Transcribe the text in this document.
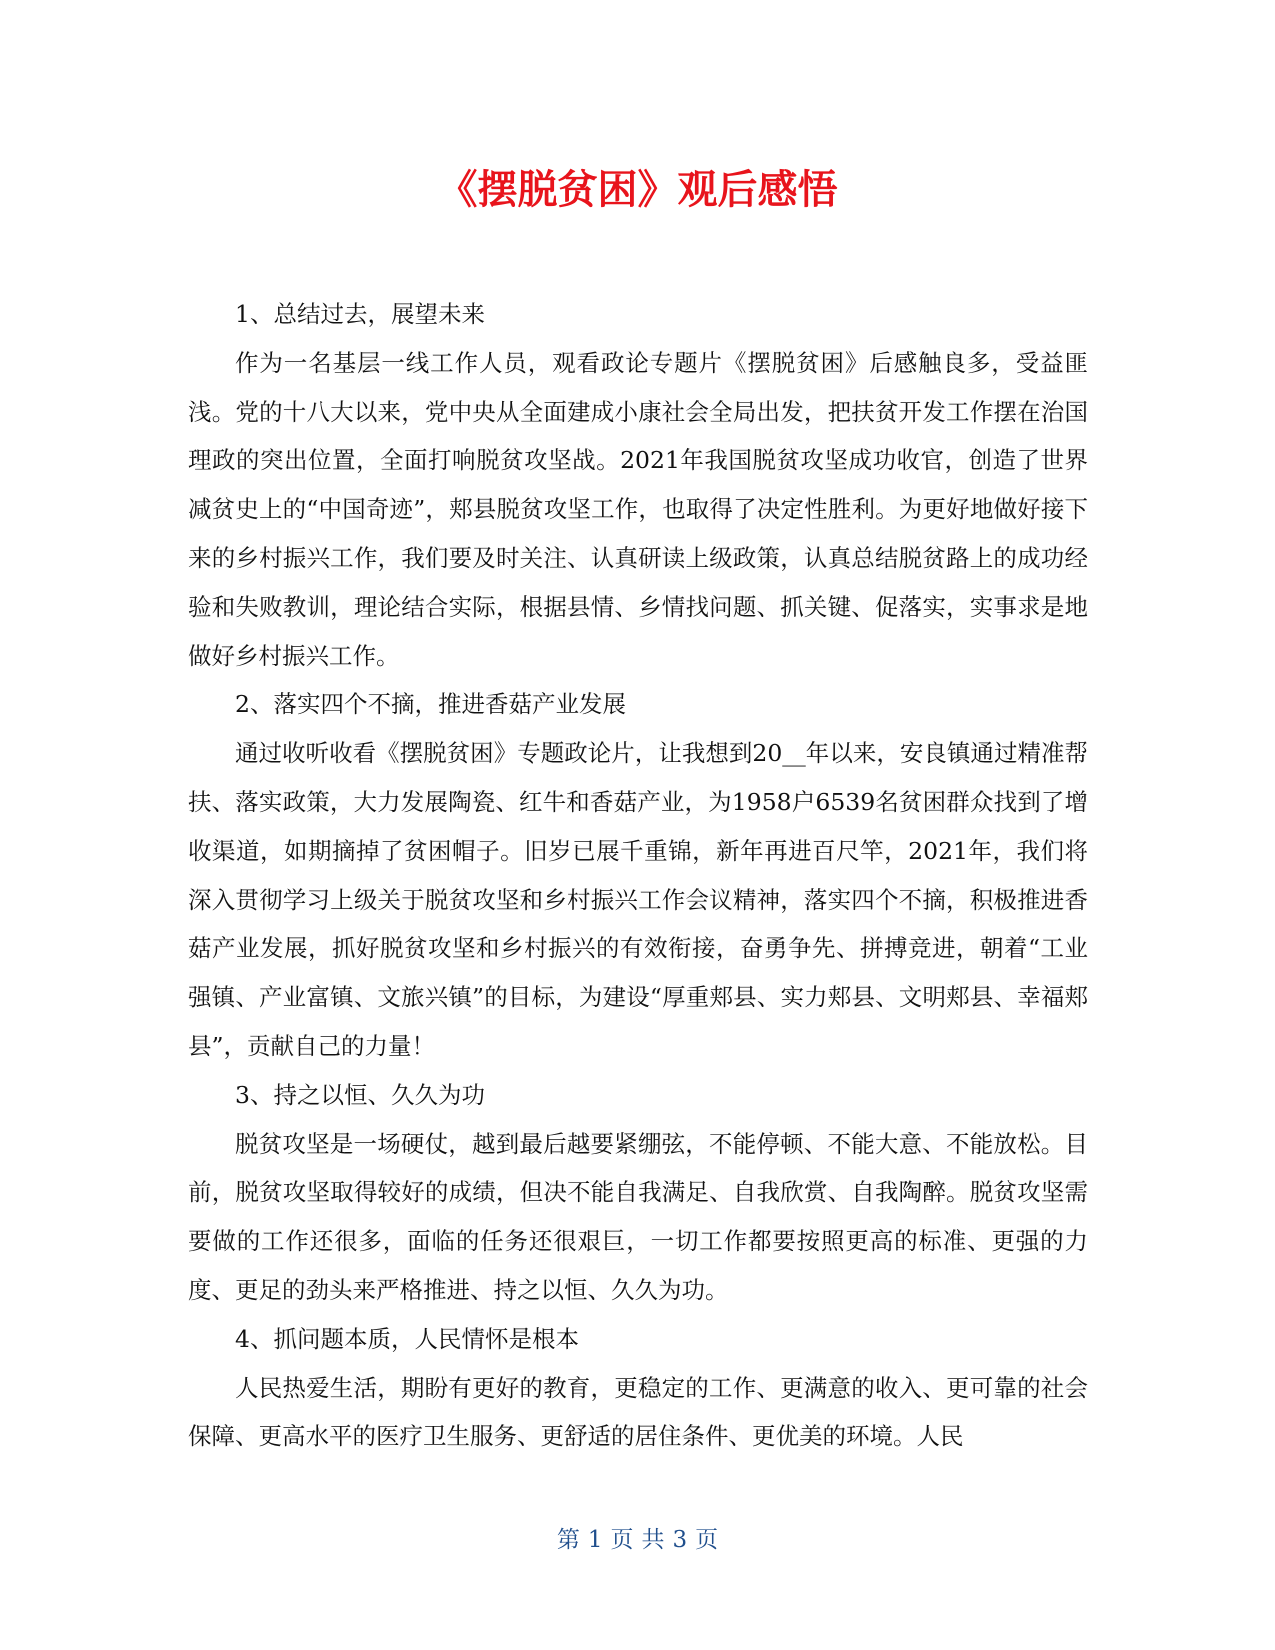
《摆脱贫困》观后感悟

1、总结过去，展望未来

作为一名基层一线工作人员，观看政论专题片《摆脱贫困》后感触良多，受益匪浅。党的十八大以来，党中央从全面建成小康社会全局出发，把扶贫开发工作摆在治国理政的突出位置，全面打响脱贫攻坚战。2021年我国脱贫攻坚成功收官，创造了世界减贫史上的“中国奇迹”，郏县脱贫攻坚工作，也取得了决定性胜利。为更好地做好接下来的乡村振兴工作，我们要及时关注、认真研读上级政策，认真总结脱贫路上的成功经验和失败教训，理论结合实际，根据县情、乡情找问题、抓关键、促落实，实事求是地做好乡村振兴工作。

2、落实四个不摘，推进香菇产业发展

通过收听收看《摆脱贫困》专题政论片，让我想到20__年以来，安良镇通过精准帮扶、落实政策，大力发展陶瓷、红牛和香菇产业，为1958户6539名贫困群众找到了增收渠道，如期摘掉了贫困帽子。旧岁已展千重锦，新年再进百尺竿，2021年，我们将深入贯彻学习上级关于脱贫攻坚和乡村振兴工作会议精神，落实四个不摘，积极推进香菇产业发展，抓好脱贫攻坚和乡村振兴的有效衔接，奋勇争先、拼搏竞进，朝着“工业强镇、产业富镇、文旅兴镇”的目标，为建设“厚重郏县、实力郏县、文明郏县、幸福郏县”，贡献自己的力量！

3、持之以恒、久久为功

脱贫攻坚是一场硬仗，越到最后越要紧绷弦，不能停顿、不能大意、不能放松。目前，脱贫攻坚取得较好的成绩，但决不能自我满足、自我欣赏、自我陶醉。脱贫攻坚需要做的工作还很多，面临的任务还很艰巨，一切工作都要按照更高的标准、更强的力度、更足的劲头来严格推进、持之以恒、久久为功。

4、抓问题本质，人民情怀是根本

人民热爱生活，期盼有更好的教育，更稳定的工作、更满意的收入、更可靠的社会保障、更高水平的医疗卫生服务、更舒适的居住条件、更优美的环境。人民

第 1 页 共 3 页
